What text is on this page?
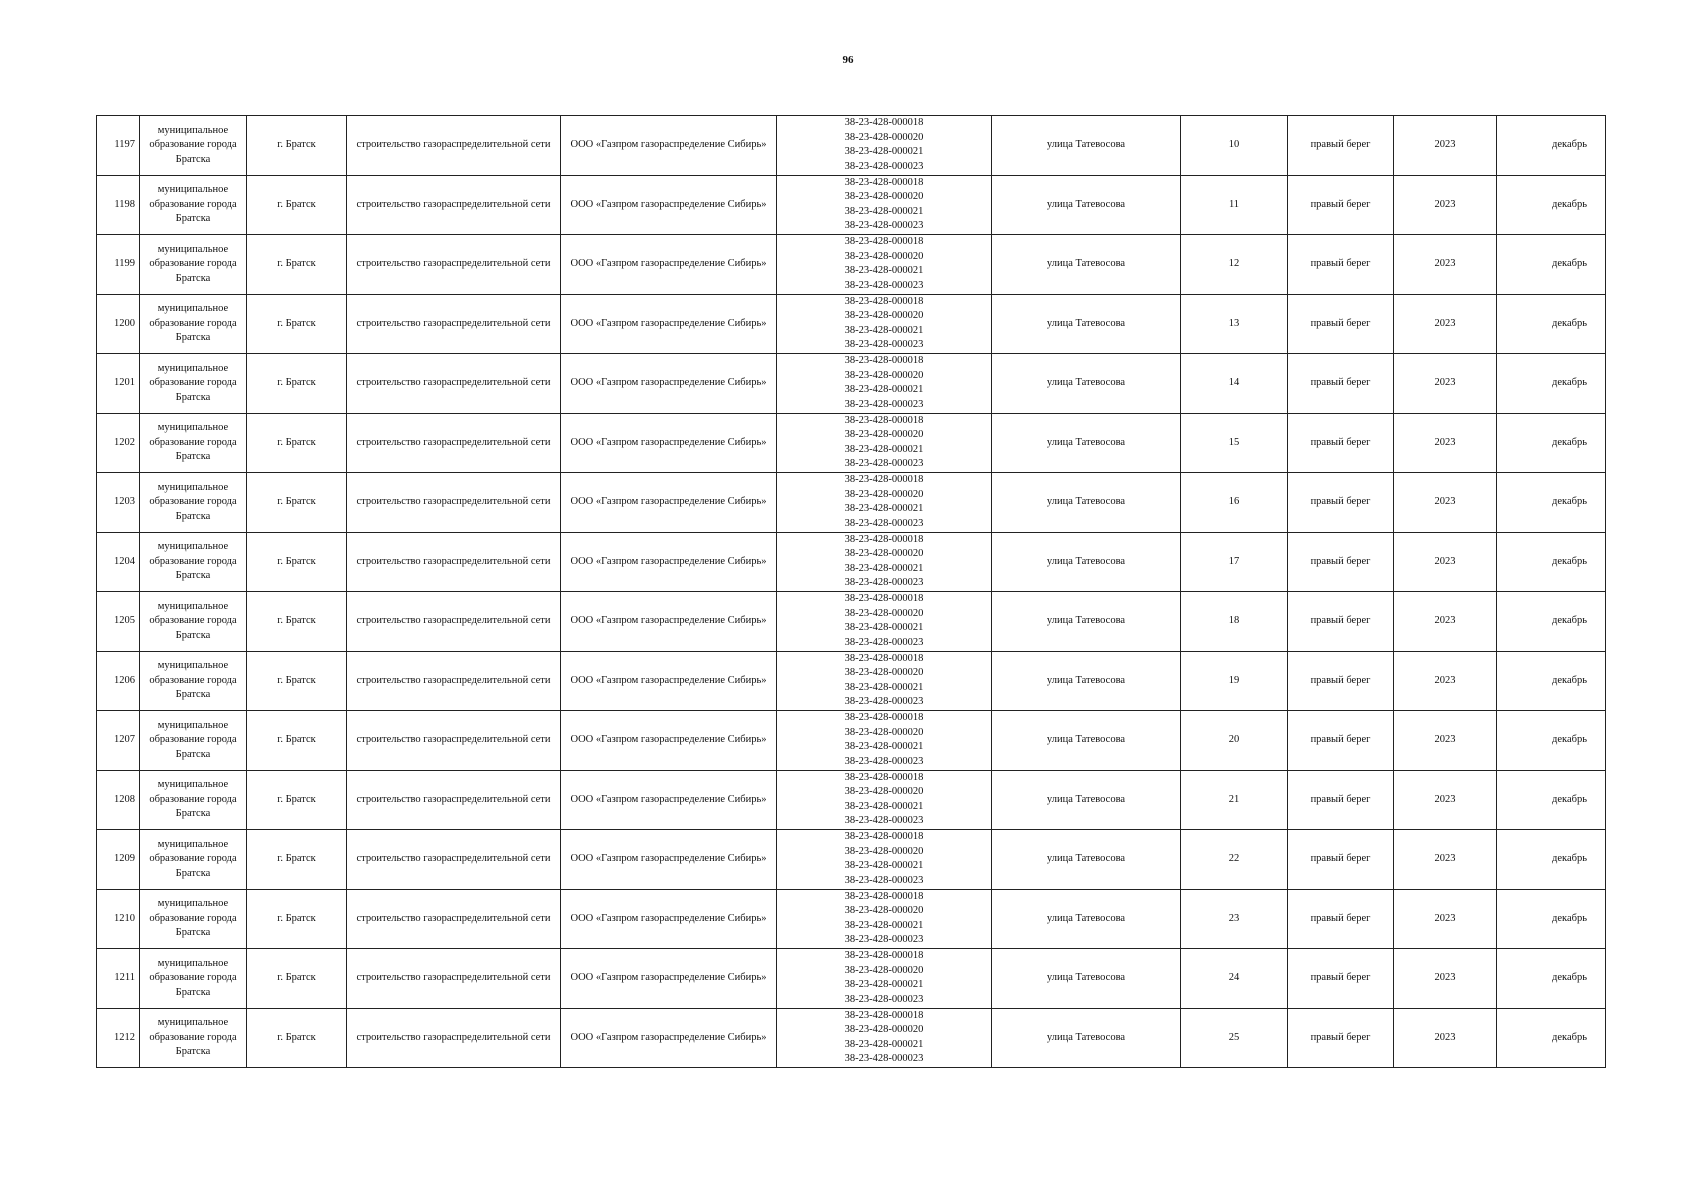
96
1197	муниципальное образование города Братска	г. Братск	строительство газораспределительной сети	ООО «Газпром газораспределение Сибирь»	38-23-428-000018
38-23-428-000020
38-23-428-000021
38-23-428-000023	улица Татевосова	10	правый берег	2023	декабрь
1198	муниципальное образование города Братска	г. Братск	строительство газораспределительной сети	ООО «Газпром газораспределение Сибирь»	38-23-428-000018
38-23-428-000020
38-23-428-000021
38-23-428-000023	улица Татевосова	11	правый берег	2023	декабрь
1199	муниципальное образование города Братска	г. Братск	строительство газораспределительной сети	ООО «Газпром газораспределение Сибирь»	38-23-428-000018
38-23-428-000020
38-23-428-000021
38-23-428-000023	улица Татевосова	12	правый берег	2023	декабрь
1200	муниципальное образование города Братска	г. Братск	строительство газораспределительной сети	ООО «Газпром газораспределение Сибирь»	38-23-428-000018
38-23-428-000020
38-23-428-000021
38-23-428-000023	улица Татевосова	13	правый берег	2023	декабрь
1201	муниципальное образование города Братска	г. Братск	строительство газораспределительной сети	ООО «Газпром газораспределение Сибирь»	38-23-428-000018
38-23-428-000020
38-23-428-000021
38-23-428-000023	улица Татевосова	14	правый берег	2023	декабрь
1202	муниципальное образование города Братска	г. Братск	строительство газораспределительной сети	ООО «Газпром газораспределение Сибирь»	38-23-428-000018
38-23-428-000020
38-23-428-000021
38-23-428-000023	улица Татевосова	15	правый берег	2023	декабрь
1203	муниципальное образование города Братска	г. Братск	строительство газораспределительной сети	ООО «Газпром газораспределение Сибирь»	38-23-428-000018
38-23-428-000020
38-23-428-000021
38-23-428-000023	улица Татевосова	16	правый берег	2023	декабрь
1204	муниципальное образование города Братска	г. Братск	строительство газораспределительной сети	ООО «Газпром газораспределение Сибирь»	38-23-428-000018
38-23-428-000020
38-23-428-000021
38-23-428-000023	улица Татевосова	17	правый берег	2023	декабрь
1205	муниципальное образование города Братска	г. Братск	строительство газораспределительной сети	ООО «Газпром газораспределение Сибирь»	38-23-428-000018
38-23-428-000020
38-23-428-000021
38-23-428-000023	улица Татевосова	18	правый берег	2023	декабрь
1206	муниципальное образование города Братска	г. Братск	строительство газораспределительной сети	ООО «Газпром газораспределение Сибирь»	38-23-428-000018
38-23-428-000020
38-23-428-000021
38-23-428-000023	улица Татевосова	19	правый берег	2023	декабрь
1207	муниципальное образование города Братска	г. Братск	строительство газораспределительной сети	ООО «Газпром газораспределение Сибирь»	38-23-428-000018
38-23-428-000020
38-23-428-000021
38-23-428-000023	улица Татевосова	20	правый берег	2023	декабрь
1208	муниципальное образование города Братска	г. Братск	строительство газораспределительной сети	ООО «Газпром газораспределение Сибирь»	38-23-428-000018
38-23-428-000020
38-23-428-000021
38-23-428-000023	улица Татевосова	21	правый берег	2023	декабрь
1209	муниципальное образование города Братска	г. Братск	строительство газораспределительной сети	ООО «Газпром газораспределение Сибирь»	38-23-428-000018
38-23-428-000020
38-23-428-000021
38-23-428-000023	улица Татевосова	22	правый берег	2023	декабрь
1210	муниципальное образование города Братска	г. Братск	строительство газораспределительной сети	ООО «Газпром газораспределение Сибирь»	38-23-428-000018
38-23-428-000020
38-23-428-000021
38-23-428-000023	улица Татевосова	23	правый берег	2023	декабрь
1211	муниципальное образование города Братска	г. Братск	строительство газораспределительной сети	ООО «Газпром газораспределение Сибирь»	38-23-428-000018
38-23-428-000020
38-23-428-000021
38-23-428-000023	улица Татевосова	24	правый берег	2023	декабрь
1212	муниципальное образование города Братска	г. Братск	строительство газораспределительной сети	ООО «Газпром газораспределение Сибирь»	38-23-428-000018
38-23-428-000020
38-23-428-000021
38-23-428-000023	улица Татевосова	25	правый берег	2023	декабрь
